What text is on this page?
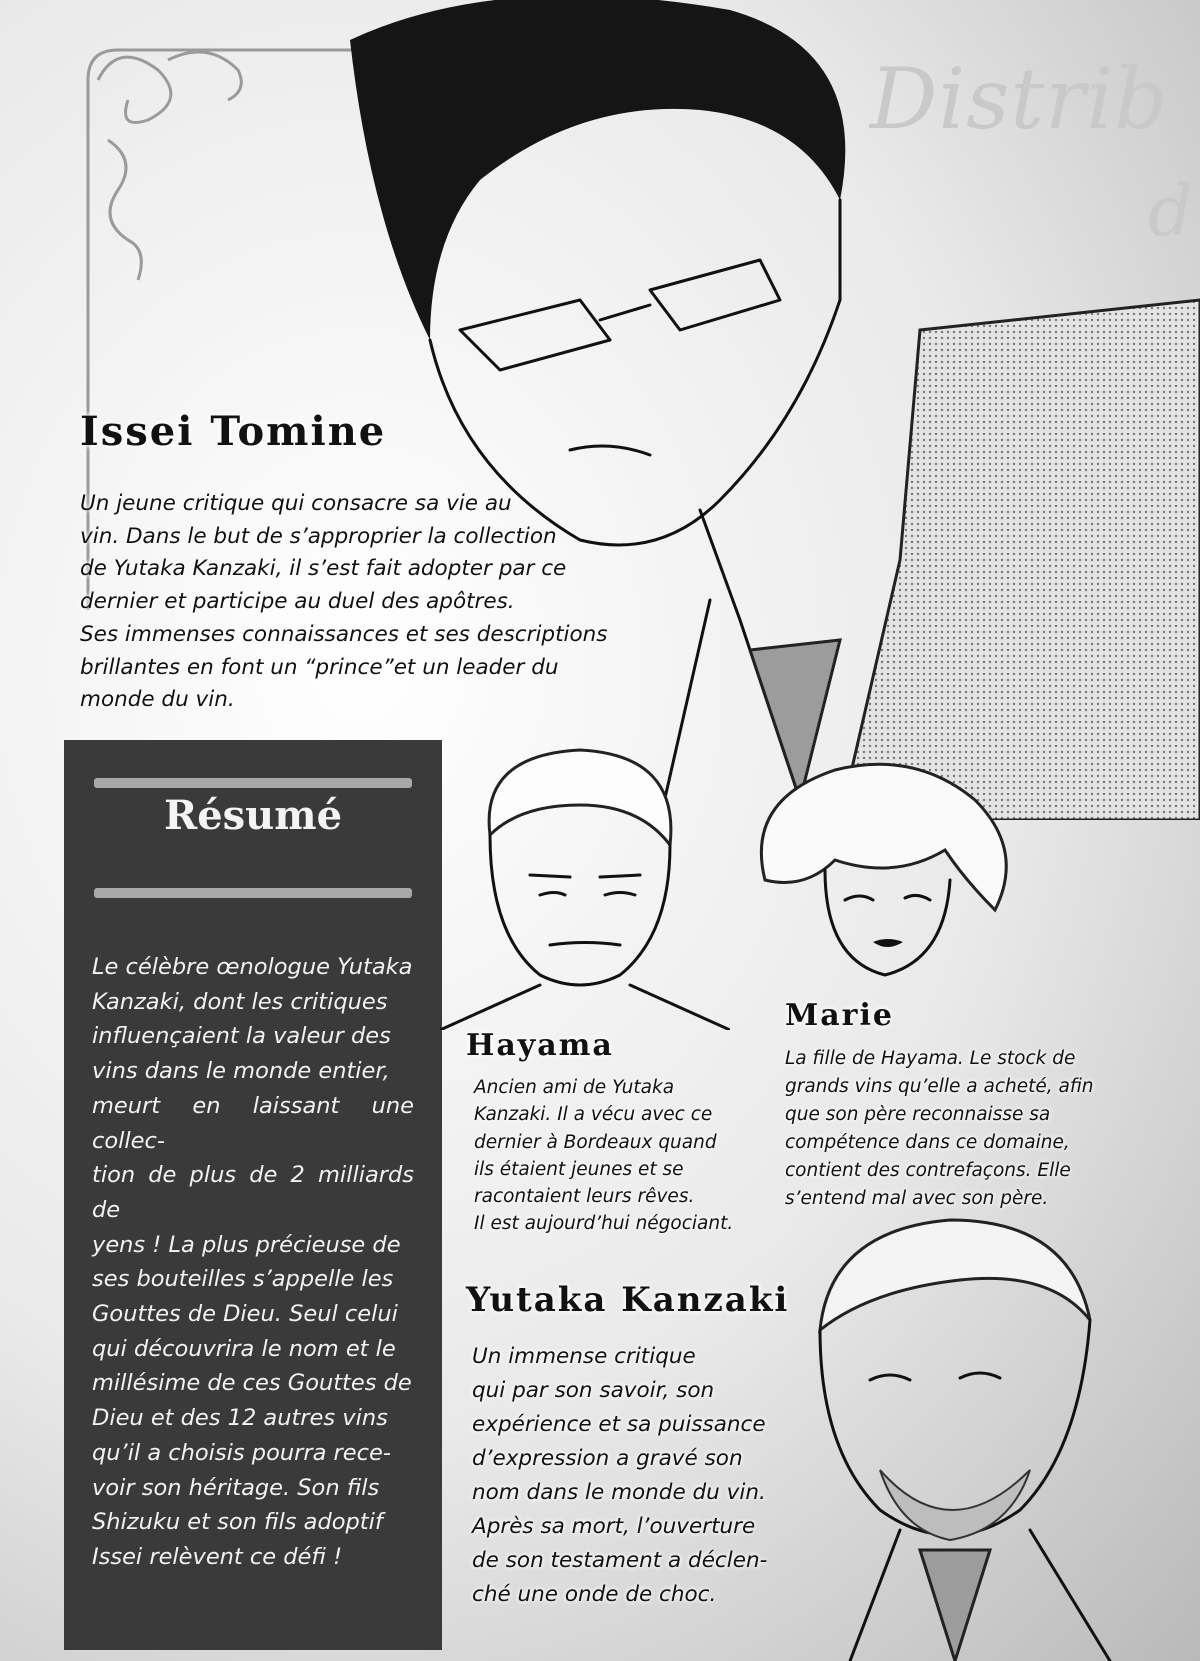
Distrib
d
Issei Tomine
Un jeune critique qui consacre sa vie au
vin. Dans le but de s’approprier la collection
de Yutaka Kanzaki, il s’est fait adopter par ce
dernier et participe au duel des apôtres.
Ses immenses connaissances et ses descriptions
brillantes en font un “prince”et un leader du
monde du vin.
Résumé
Le célèbre œnologue Yutaka
Kanzaki, dont les critiques
influençaient la valeur des
vins dans le monde entier,
meurt en laissant une collec-
tion de plus de 2 milliards de
yens ! La plus précieuse de
ses bouteilles s’appelle les
Gouttes de Dieu. Seul celui
qui découvrira le nom et le
millésime de ces Gouttes de
Dieu et des 12 autres vins
qu’il a choisis pourra rece-
voir son héritage. Son fils
Shizuku et son fils adoptif
Issei relèvent ce défi !
Hayama
Ancien ami de Yutaka
Kanzaki. Il a vécu avec ce
dernier à Bordeaux quand
ils étaient jeunes et se
racontaient leurs rêves.
Il est aujourd’hui négociant.
Marie
La fille de Hayama. Le stock de
grands vins qu’elle a acheté, afin
que son père reconnaisse sa
compétence dans ce domaine,
contient des contrefaçons. Elle
s’entend mal avec son père.
Yutaka Kanzaki
Un immense critique
qui par son savoir, son
expérience et sa puissance
d’expression a gravé son
nom dans le monde du vin.
Après sa mort, l’ouverture
de son testament a déclen-
ché une onde de choc.
